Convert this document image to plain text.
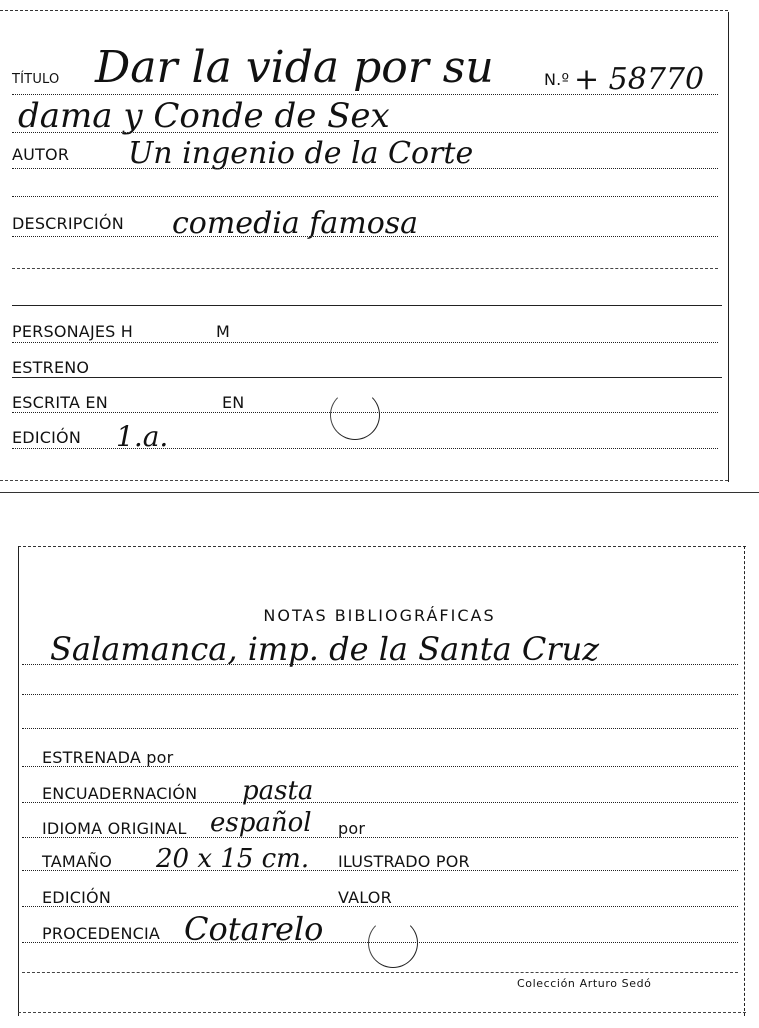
TÍTULO Dar la vida por su	N.º + 58770
dama y Conde de Sex
AUTOR Un ingenio de la Corte
DESCRIPCIÓN comedia famosa
PERSONAJES H	M
ESTRENO
ESCRITA EN	EN
EDICIÓN 1.a.
NOTAS BIBLIOGRÁFICAS
Salamanca, imp. de la Santa Cruz
ESTRENADA por
ENCUADERNACIÓN pasta
IDIOMA ORIGINAL español por
TAMAÑO 20 x 15 cm. ILUSTRADO POR
EDICIÓN	VALOR
PROCEDENCIA Cotarelo
Colección Arturo Sedó
